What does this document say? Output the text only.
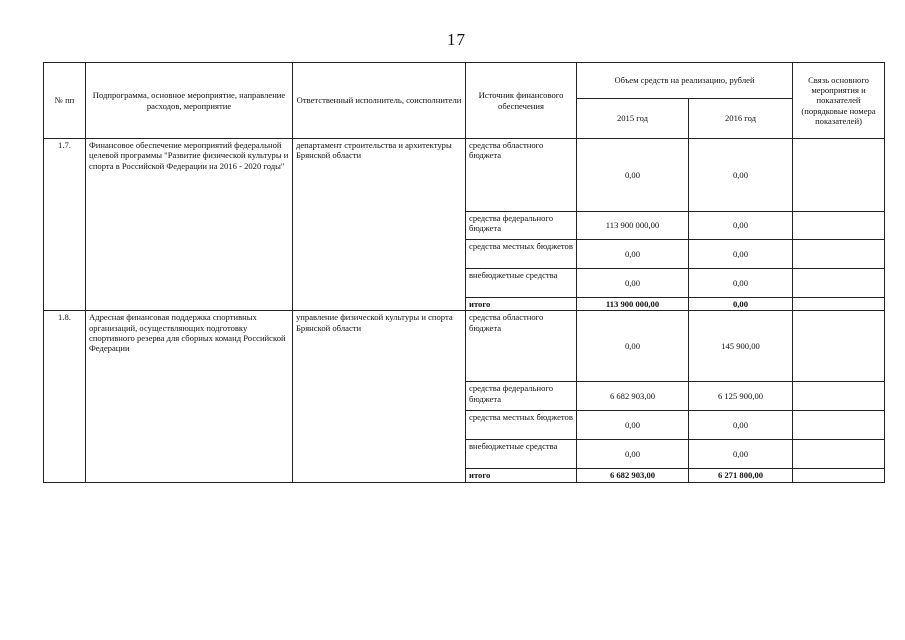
17
№ пп	Подпрограмма, основное мероприятие, направление расходов, мероприятие	Ответственный исполнитель, соисполнители	Источник финансового обеспечения	Объем средств на реализацию, рублей		Связь основного мероприятия и показателей (порядковые номера показателей)
				2015 год	2016 год	
1.7.	Финансовое обеспечение мероприятий федеральной целевой программы "Развитие физической культуры и спорта в Российской Федерации на 2016 - 2020 годы"	департамент строительства и архитектуры Брянской области	средства областного бюджета	0,00	0,00	
			средства федерального бюджета	113 900 000,00	0,00	
			средства местных бюджетов	0,00	0,00	
			внебюджетные средства	0,00	0,00	
			итого	113 900 000,00	0,00	
1.8.	Адресная финансовая поддержка спортивных организаций, осуществляющих подготовку спортивного резерва для сборных команд Российской Федерации	управление физической культуры и спорта Брянской области	средства областного бюджета	0,00	145 900,00	
			средства федерального бюджета	6 682 903,00	6 125 900,00	
			средства местных бюджетов	0,00	0,00	
			внебюджетные средства	0,00	0,00	
			итого	6 682 903,00	6 271 800,00	
